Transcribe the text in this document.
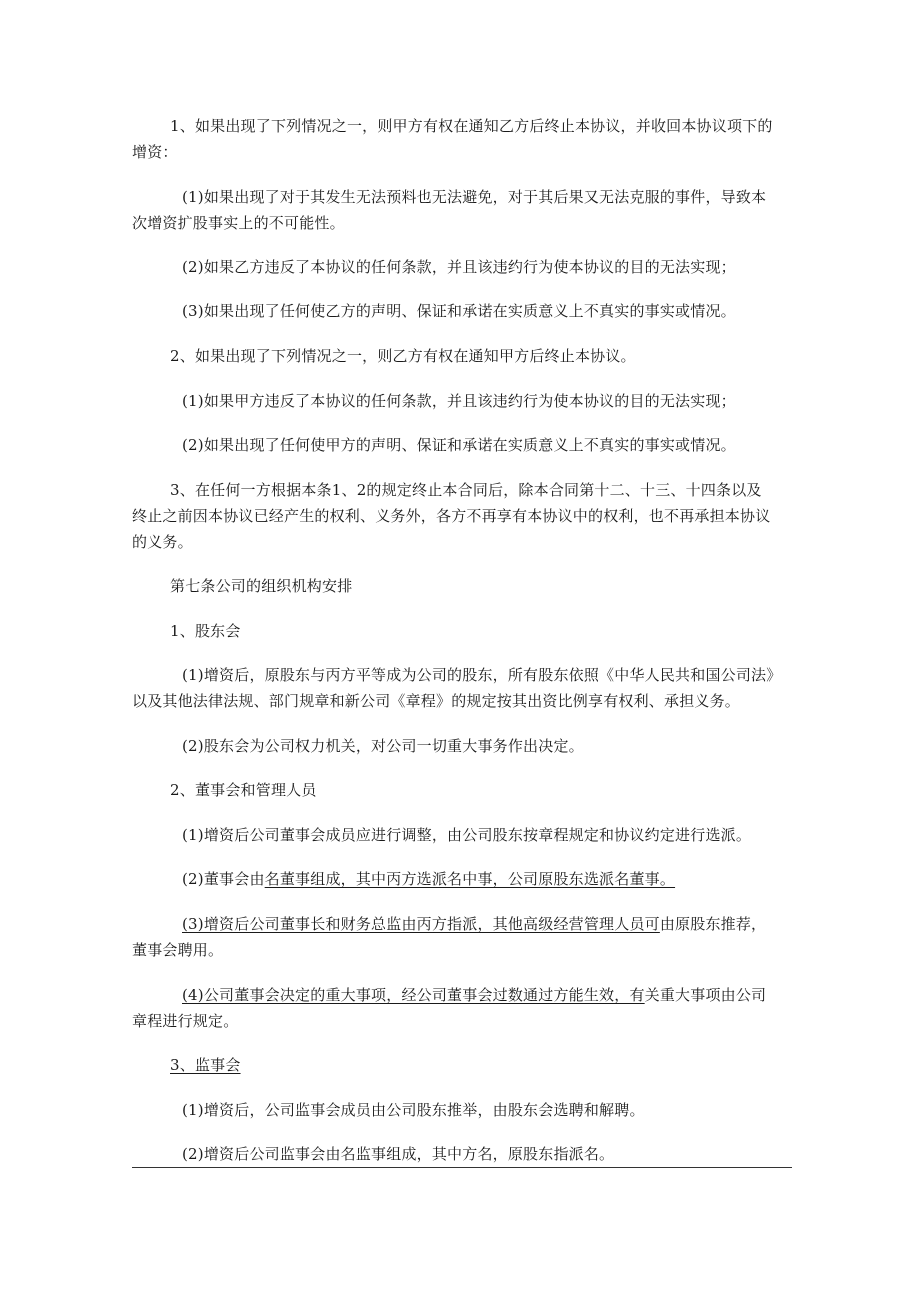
1、如果出现了下列情况之一，则甲方有权在通知乙方后终止本协议，并收回本协议项下的
增资：
(1)如果出现了对于其发生无法预料也无法避免，对于其后果又无法克服的事件，导致本
次增资扩股事实上的不可能性。
(2)如果乙方违反了本协议的任何条款，并且该违约行为使本协议的目的无法实现；
(3)如果出现了任何使乙方的声明、保证和承诺在实质意义上不真实的事实或情况。
2、如果出现了下列情况之一，则乙方有权在通知甲方后终止本协议。
(1)如果甲方违反了本协议的任何条款，并且该违约行为使本协议的目的无法实现；
(2)如果出现了任何使甲方的声明、保证和承诺在实质意义上不真实的事实或情况。
3、在任何一方根据本条1、2的规定终止本合同后，除本合同第十二、十三、十四条以及
终止之前因本协议已经产生的权利、义务外，各方不再享有本协议中的权利，也不再承担本协议
的义务。
第七条公司的组织机构安排
1、股东会
(1)增资后，原股东与丙方平等成为公司的股东，所有股东依照《中华人民共和国公司法》
以及其他法律法规、部门规章和新公司《章程》的规定按其出资比例享有权利、承担义务。
(2)股东会为公司权力机关，对公司一切重大事务作出决定。
2、董事会和管理人员
(1)增资后公司董事会成员应进行调整，由公司股东按章程规定和协议约定进行选派。
(2)董事会由名董事组成，其中丙方选派名中事，公司原股东选派名董事。
(3)增资后公司董事长和财务总监由丙方指派，其他高级经营管理人员可由原股东推荐，
董事会聘用。
(4)公司董事会决定的重大事项，经公司董事会过数通过方能生效，有关重大事项由公司
章程进行规定。
3、监事会
(1)增资后，公司监事会成员由公司股东推举，由股东会选聘和解聘。
(2)增资后公司监事会由名监事组成，其中方名，原股东指派名。
